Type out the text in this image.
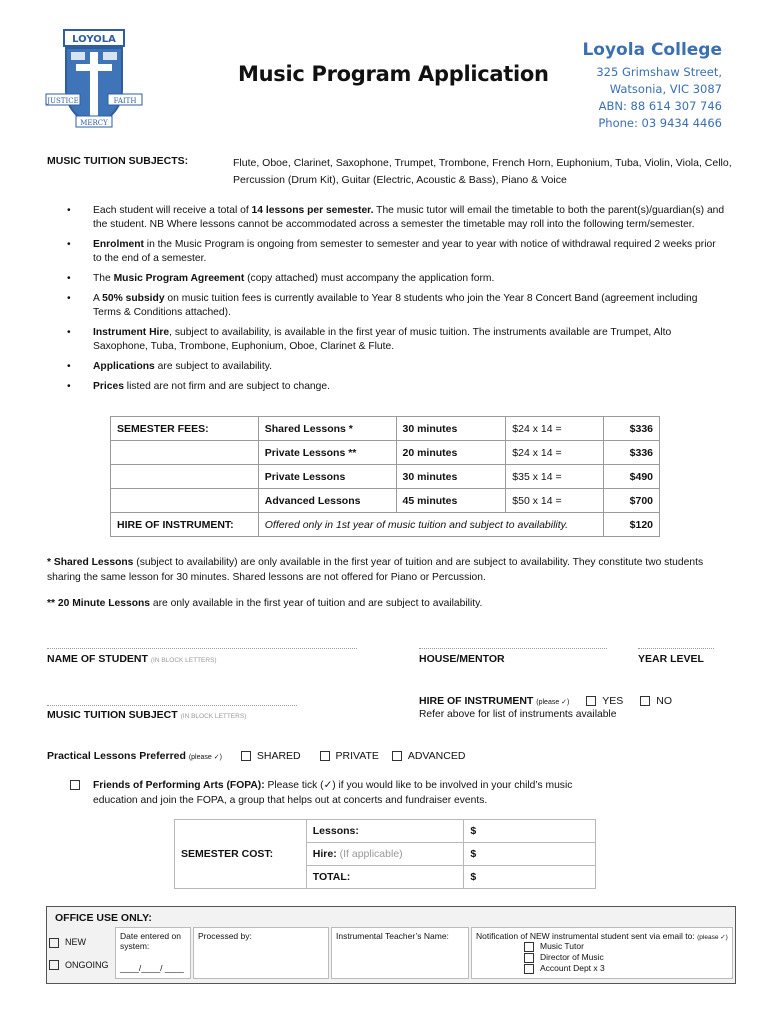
LOYOLA
JUSTICE	FAITH
MERCY
Music Program Application
Loyola College
325 Grimshaw Street,
Watsonia, VIC 3087
ABN: 88 614 307 746
Phone: 03 9434 4466
MUSIC TUITION SUBJECTS:	Flute, Oboe, Clarinet, Saxophone, Trumpet, Trombone, French Horn, Euphonium, Tuba, Violin, Viola, Cello, Percussion (Drum Kit), Guitar (Electric, Acoustic & Bass), Piano & Voice
• Each student will receive a total of 14 lessons per semester. The music tutor will email the timetable to both the parent(s)/guardian(s) and the student. NB Where lessons cannot be accommodated across a semester the timetable may roll into the following term/semester.
• Enrolment in the Music Program is ongoing from semester to semester and year to year with notice of withdrawal required 2 weeks prior to the end of a semester.
• The Music Program Agreement (copy attached) must accompany the application form.
• A 50% subsidy on music tuition fees is currently available to Year 8 students who join the Year 8 Concert Band (agreement including Terms & Conditions attached).
• Instrument Hire, subject to availability, is available in the first year of music tuition. The instruments available are Trumpet, Alto Saxophone, Tuba, Trombone, Euphonium, Oboe, Clarinet & Flute.
• Applications are subject to availability.
• Prices listed are not firm and are subject to change.
SEMESTER FEES:	Shared Lessons *	30 minutes	$24 x 14 =	$336
	Private Lessons **	20 minutes	$24 x 14 =	$336
	Private Lessons	30 minutes	$35 x 14 =	$490
	Advanced Lessons	45 minutes	$50 x 14 =	$700
HIRE OF INSTRUMENT:	Offered only in 1st year of music tuition and subject to availability.			$120
* Shared Lessons (subject to availability) are only available in the first year of tuition and are subject to availability. They constitute two students sharing the same lesson for 30 minutes. Shared lessons are not offered for Piano or Percussion.
** 20 Minute Lessons are only available in the first year of tuition and are subject to availability.
NAME OF STUDENT (IN BLOCK LETTERS)	HOUSE/MENTOR	YEAR LEVEL
MUSIC TUITION SUBJECT (IN BLOCK LETTERS)
HIRE OF INSTRUMENT (please ✓)	YES	NO
Refer above for list of instruments available
Practical Lessons Preferred (please ✓)	SHARED	PRIVATE	ADVANCED
Friends of Performing Arts (FOPA): Please tick (✓) if you would like to be involved in your child’s music education and join the FOPA, a group that helps out at concerts and fundraiser events.
SEMESTER COST:	Lessons:	$
	Hire: (If applicable)	$
	TOTAL:	$
OFFICE USE ONLY:
NEW
ONGOING
Date entered on system:
____/____/ ____
Processed by:	Instrumental Teacher’s Name:	Notification of NEW instrumental student sent via email to: (please ✓)
Music Tutor
Director of Music
Account Dept x 3
